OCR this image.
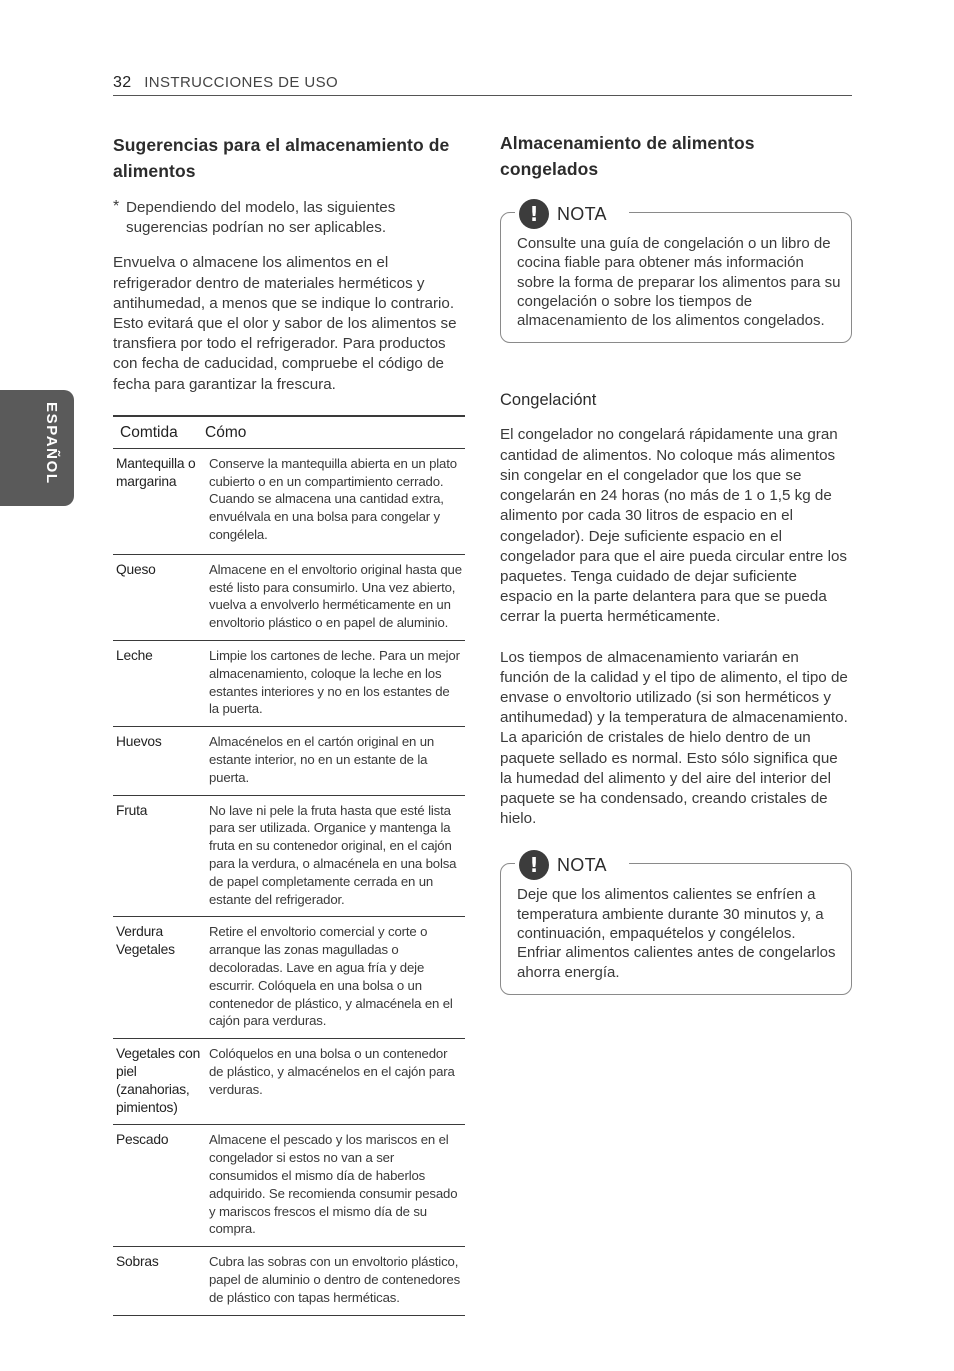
32 INSTRUCCIONES DE USO
ESPAÑOL
Sugerencias para el almacenamiento de alimentos
* Dependiendo del modelo, las siguientes sugerencias podrían no ser aplicables.

Envuelva o almacene los alimentos en el refrigerador dentro de materiales herméticos y antihumedad, a menos que se indique lo contrario. Esto evitará que el olor y sabor de los alimentos se transfiera por todo el refrigerador. Para productos con fecha de caducidad, compruebe el código de fecha para garantizar la frescura.

Comtida	Cómo
Mantequilla o margarina	Conserve la mantequilla abierta en un plato cubierto o en un compartimiento cerrado. Cuando se almacena una cantidad extra, envuélvala en una bolsa para congelar y congélela.
Queso	Almacene en el envoltorio original hasta que esté listo para consumirlo. Una vez abierto, vuelva a envolverlo herméticamente en un envoltorio plástico o en papel de aluminio.
Leche	Limpie los cartones de leche. Para un mejor almacenamiento, coloque la leche en los estantes interiores y no en los estantes de la puerta.
Huevos	Almacénelos en el cartón original en un estante interior, no en un estante de la puerta.
Fruta	No lave ni pele la fruta hasta que esté lista para ser utilizada. Organice y mantenga la fruta en su contenedor original, en el cajón para la verdura, o almacénela en una bolsa de papel completamente cerrada en un estante del refrigerador.
Verdura Vegetales	Retire el envoltorio comercial y corte o arranque las zonas magulladas o decoloradas. Lave en agua fría y deje escurrir. Colóquela en una bolsa o un contenedor de plástico, y almacénela en el cajón para verduras.
Vegetales con piel (zanahorias, pimientos)	Colóquelos en una bolsa o un contenedor de plástico, y almacénelos en el cajón para verduras.
Pescado	Almacene el pescado y los mariscos en el congelador si estos no van a ser consumidos el mismo día de haberlos adquirido. Se recomienda consumir pesado y mariscos frescos el mismo día de su compra.
Sobras	Cubra las sobras con un envoltorio plástico, papel de aluminio o dentro de contenedores de plástico con tapas herméticas.
Almacenamiento de alimentos congelados
!	NOTA

Consulte una guía de congelación o un libro de cocina fiable para obtener más información sobre la forma de preparar los alimentos para su congelación o sobre los tiempos de almacenamiento de los alimentos congelados.

Congelaciónt

El congelador no congelará rápidamente una gran cantidad de alimentos. No coloque más alimentos sin congelar en el congelador que los que se congelarán en 24 horas (no más de 1 o 1,5 kg de alimento por cada 30 litros de espacio en el congelador). Deje suficiente espacio en el congelador para que el aire pueda circular entre los paquetes. Tenga cuidado de dejar suficiente espacio en la parte delantera para que se pueda cerrar la puerta herméticamente.

Los tiempos de almacenamiento variarán en función de la calidad y el tipo de alimento, el tipo de envase o envoltorio utilizado (si son herméticos y antihumedad) y la temperatura de almacenamiento. La aparición de cristales de hielo dentro de un paquete sellado es normal. Esto sólo significa que la humedad del alimento y del aire del interior del paquete se ha condensado, creando cristales de hielo.

!	NOTA

Deje que los alimentos calientes se enfríen a temperatura ambiente durante 30 minutos y, a continuación, empaquételos y congélelos. Enfriar alimentos calientes antes de congelarlos ahorra energía.
